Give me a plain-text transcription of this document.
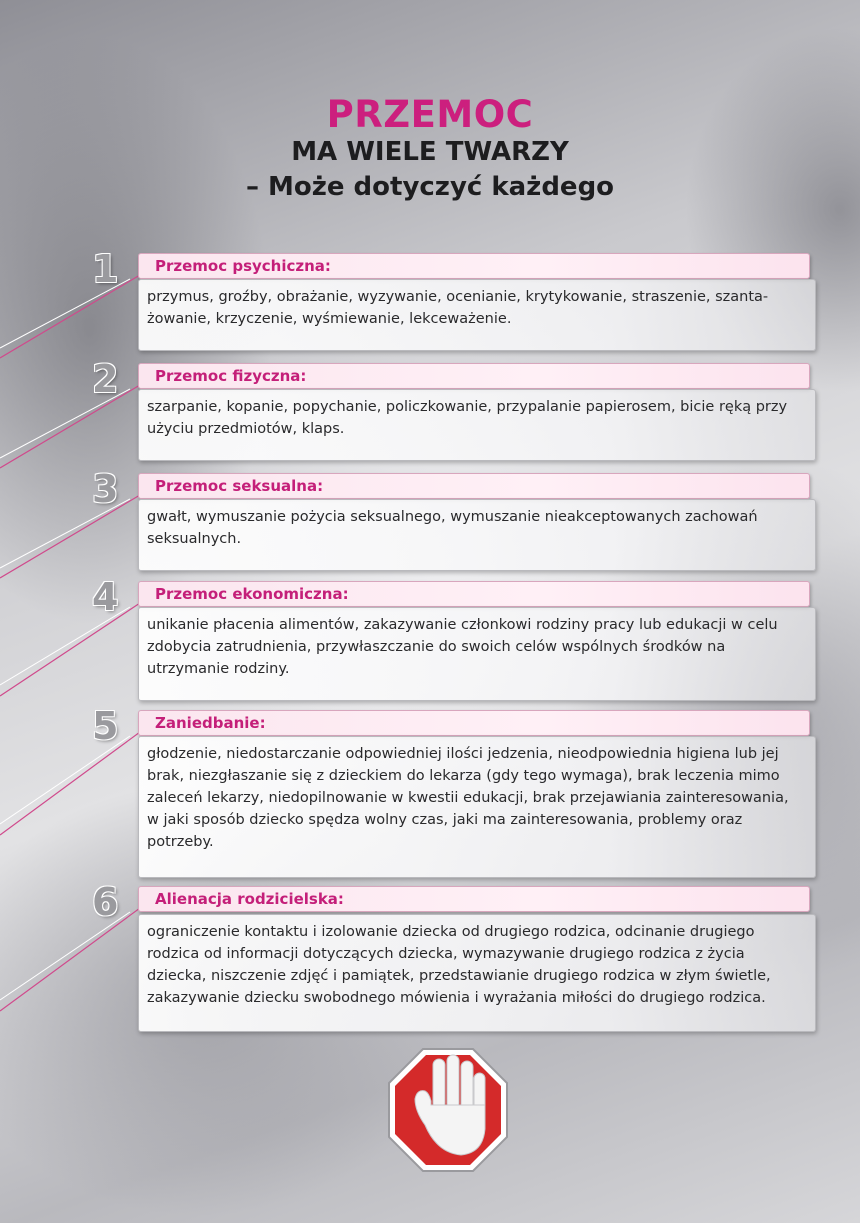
PRZEMOC
MA WIELE TWARZY
– Może dotyczyć każdego
1	Przemoc psychiczna:
przymus, groźby, obrażanie, wyzywanie, ocenianie, krytykowanie, straszenie, szanta-żowanie, krzyczenie, wyśmiewanie, lekceważenie.
2	Przemoc fizyczna:
szarpanie, kopanie, popychanie, policzkowanie, przypalanie papierosem, bicie ręką przy użyciu przedmiotów, klaps.
3	Przemoc seksualna:
gwałt, wymuszanie pożycia seksualnego, wymuszanie nieakceptowanych zachowań seksualnych.
4	Przemoc ekonomiczna:
unikanie płacenia alimentów, zakazywanie członkowi rodziny pracy lub edukacji w celu zdobycia zatrudnienia, przywłaszczanie do swoich celów wspólnych środków na utrzymanie rodziny.
5	Zaniedbanie:
głodzenie, niedostarczanie odpowiedniej ilości jedzenia, nieodpowiednia higiena lub jej brak, niezgłaszanie się z dzieckiem do lekarza (gdy tego wymaga), brak leczenia mimo zaleceń lekarzy, niedopilnowanie w kwestii edukacji, brak przejawiania zainteresowania, w jaki sposób dziecko spędza wolny czas, jaki ma zainteresowania, problemy oraz potrzeby.
6	Alienacja rodzicielska:
ograniczenie kontaktu i izolowanie dziecka od drugiego rodzica, odcinanie drugiego rodzica od informacji dotyczących dziecka, wymazywanie drugiego rodzica z życia dziecka, niszczenie zdjęć i pamiątek, przedstawianie drugiego rodzica w złym świetle, zakazywanie dziecku swobodnego mówienia i wyrażania miłości do drugiego rodzica.
